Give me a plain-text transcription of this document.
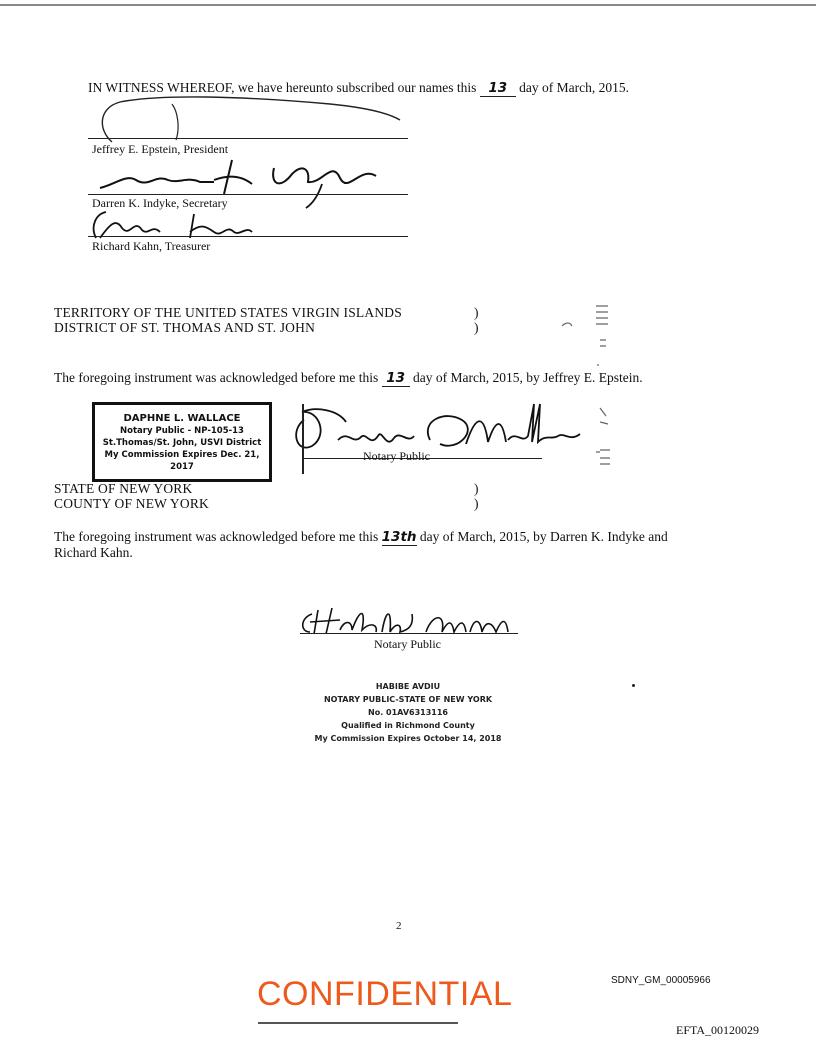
IN WITNESS WHEREOF, we have hereunto subscribed our names this 13 day of March, 2015.
Jeffrey E. Epstein, President
Darren K. Indyke, Secretary
Richard Kahn, Treasurer
TERRITORY OF THE UNITED STATES VIRGIN ISLANDS
DISTRICT OF ST. THOMAS AND ST. JOHN
)
)
The foregoing instrument was acknowledged before me this 13 day of March, 2015, by Jeffrey E. Epstein.
DAPHNE L. WALLACE
Notary Public - NP-105-13
St.Thomas/St. John, USVI District
My Commission Expires Dec. 21, 2017
Notary Public
STATE OF NEW YORK
COUNTY OF NEW YORK
)
)
The foregoing instrument was acknowledged before me this 13th day of March, 2015, by Darren K. Indyke and
Richard Kahn.
Notary Public
HABIBE AVDIU
NOTARY PUBLIC-STATE OF NEW YORK
No. 01AV6313116
Qualified in Richmond County
My Commission Expires October 14, 2018
2
CONFIDENTIAL	SDNY_GM_00005966
EFTA_00120029
